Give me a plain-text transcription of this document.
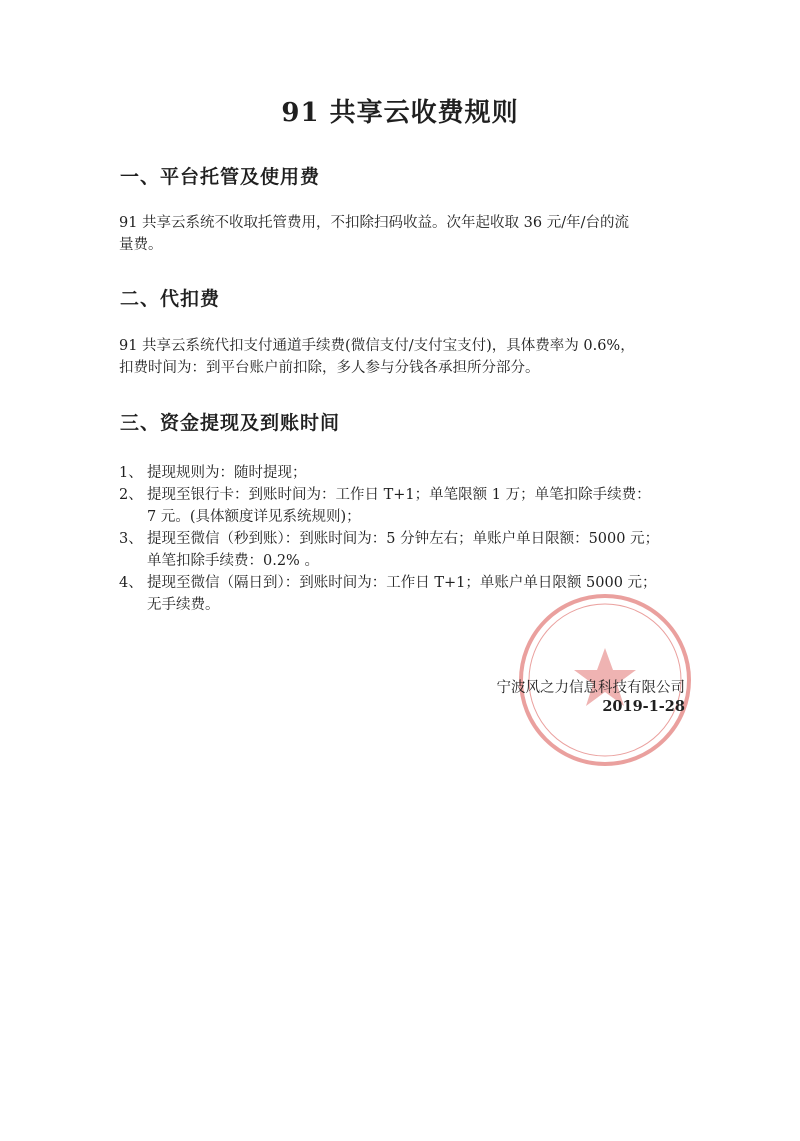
91 共享云收费规则
一、平台托管及使用费
91 共享云系统不收取托管费用，不扣除扫码收益。次年起收取 36 元/年/台的流
量费。
二、代扣费
91 共享云系统代扣支付通道手续费(微信支付/支付宝支付)，具体费率为 0.6%，
扣费时间为：到平台账户前扣除，多人参与分钱各承担所分部分。
三、资金提现及到账时间
1、 提现规则为：随时提现；
2、 提现至银行卡：到账时间为：工作日 T+1；单笔限额 1 万；单笔扣除手续费：
7 元。(具体额度详见系统规则)；
3、 提现至微信（秒到账）：到账时间为：5 分钟左右；单账户单日限额：5000 元；
单笔扣除手续费：0.2% 。
4、 提现至微信（隔日到）：到账时间为：工作日 T+1；单账户单日限额 5000 元；
无手续费。
宁波风之力信息科技有限公司
2019-1-28
